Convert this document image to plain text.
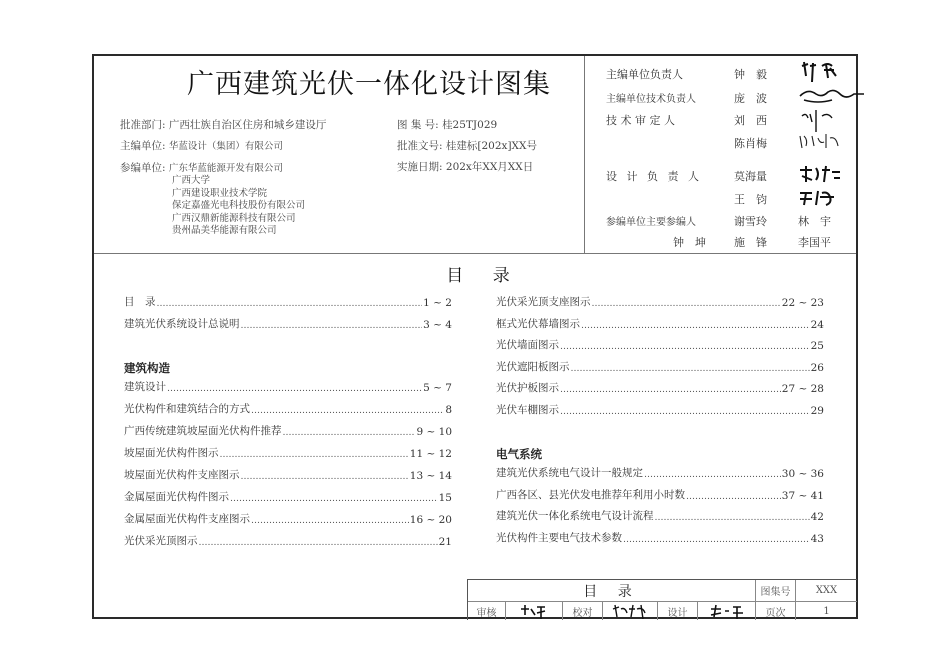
广西建筑光伏一体化设计图集
批准部门: 广西壮族自治区住房和城乡建设厅
主编单位: 华蓝设计（集团）有限公司
参编单位: 广东华蓝能源开发有限公司
广西大学
广西建设职业技术学院
保定嘉盛光电科技股份有限公司
广西汉鼎新能源科技有限公司
贵州晶美华能源有限公司
图 集 号: 桂25TJ029
批准文号: 桂建标[202x]XX号
实施日期: 202x年XX月XX日
主编单位负责人	钟　毅
主编单位技术负责人	庞　波
技 术 审 定 人	刘　西
陈肖梅
设 计 负 责 人	莫海量
王　钧
参编单位主要参编人	谢雪玲	林　宇
钟　坤	施　锋	李国平
目 录
目　录 …………………………………………………………………………………………………………………………………	1 ~ 2
建筑光伏系统设计总说明 …………………………………………………………………………………………………………………………………	3 ~ 4
建筑构造
建筑设计 …………………………………………………………………………………………………………………………………	5 ~ 7
光伏构件和建筑结合的方式 …………………………………………………………………………………………………………………………………	8
广西传统建筑坡屋面光伏构件推荐 …………………………………………………………………………………………………………………………………	9 ~ 10
坡屋面光伏构件图示 …………………………………………………………………………………………………………………………………	11 ~ 12
坡屋面光伏构件支座图示 …………………………………………………………………………………………………………………………………	13 ~ 14
金属屋面光伏构件图示 …………………………………………………………………………………………………………………………………	15
金属屋面光伏构件支座图示 …………………………………………………………………………………………………………………………………	16 ~ 20
光伏采光顶图示 …………………………………………………………………………………………………………………………………	21
光伏采光顶支座图示 …………………………………………………………………………………………………………………………………	22 ~ 23
框式光伏幕墙图示 …………………………………………………………………………………………………………………………………	24
光伏墙面图示 …………………………………………………………………………………………………………………………………	25
光伏遮阳板图示 …………………………………………………………………………………………………………………………………	26
光伏护板图示 …………………………………………………………………………………………………………………………………	27 ~ 28
光伏车棚图示 …………………………………………………………………………………………………………………………………	29
电气系统
建筑光伏系统电气设计一般规定 …………………………………………………………………………………………………………………………………	30 ~ 36
广西各区、县光伏发电推荐年利用小时数 …………………………………………………………………………………………………………………………………	37 ~ 41
建筑光伏一体化系统电气设计流程 …………………………………………………………………………………………………………………………………	42
光伏构件主要电气技术参数 …………………………………………………………………………………………………………………………………	43
目 录	图集号	XXX
审核	校对	设计	页次	1
